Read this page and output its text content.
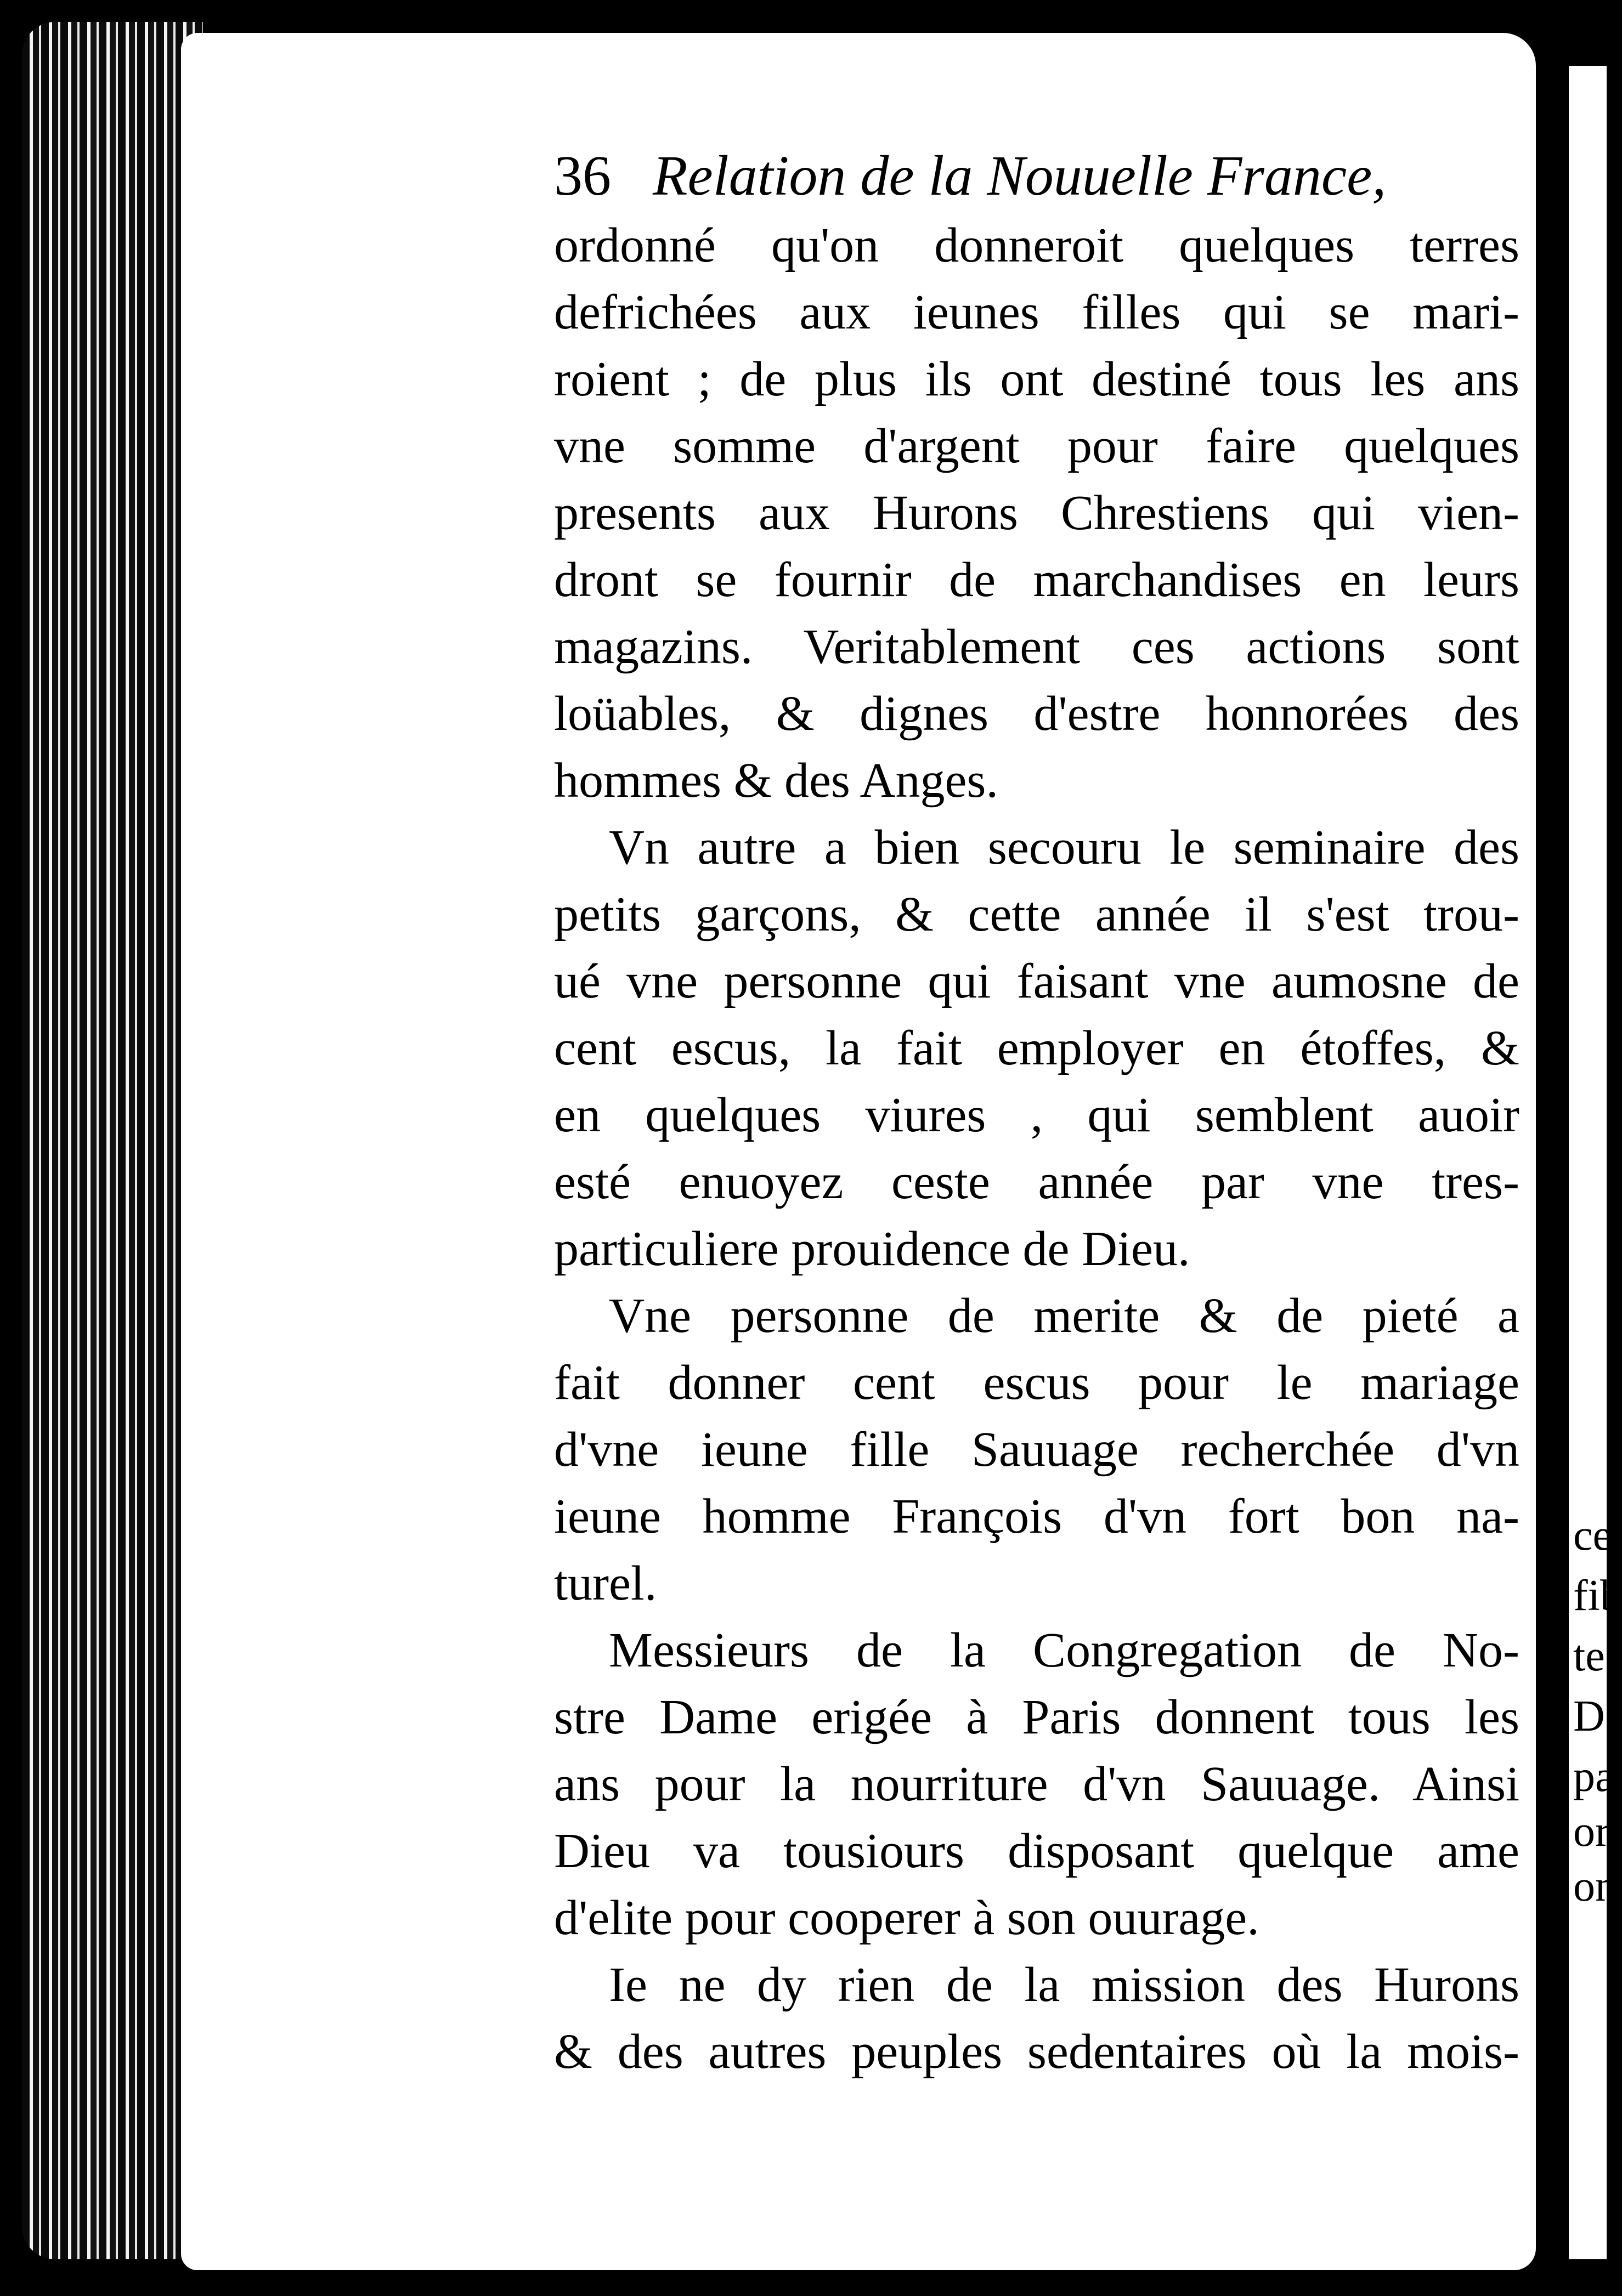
ce
fib
te
D
pa
or
on
36 Relation de la Nouuelle France,
ordonné qu'on donneroit quelques terres
defrichées aux ieunes filles qui se mari-
roient ; de plus ils ont destiné tous les ans
vne somme d'argent pour faire quelques
presents aux Hurons Chrestiens qui vien-
dront se fournir de marchandises en leurs
magazins. Veritablement ces actions sont
loüables, & dignes d'estre honnorées des
hommes & des Anges.
Vn autre a bien secouru le seminaire des
petits garçons, & cette année il s'est trou-
ué vne personne qui faisant vne aumosne de
cent escus, la fait employer en étoffes, &
en quelques viures , qui semblent auoir
esté enuoyez ceste année par vne tres-
particuliere prouidence de Dieu.
Vne personne de merite & de pieté a
fait donner cent escus pour le mariage
d'vne ieune fille Sauuage recherchée d'vn
ieune homme François d'vn fort bon na-
turel.
Messieurs de la Congregation de No-
stre Dame erigée à Paris donnent tous les
ans pour la nourriture d'vn Sauuage. Ainsi
Dieu va tousiours disposant quelque ame
d'elite pour cooperer à son ouurage.
Ie ne dy rien de la mission des Hurons
& des autres peuples sedentaires où la mois-
